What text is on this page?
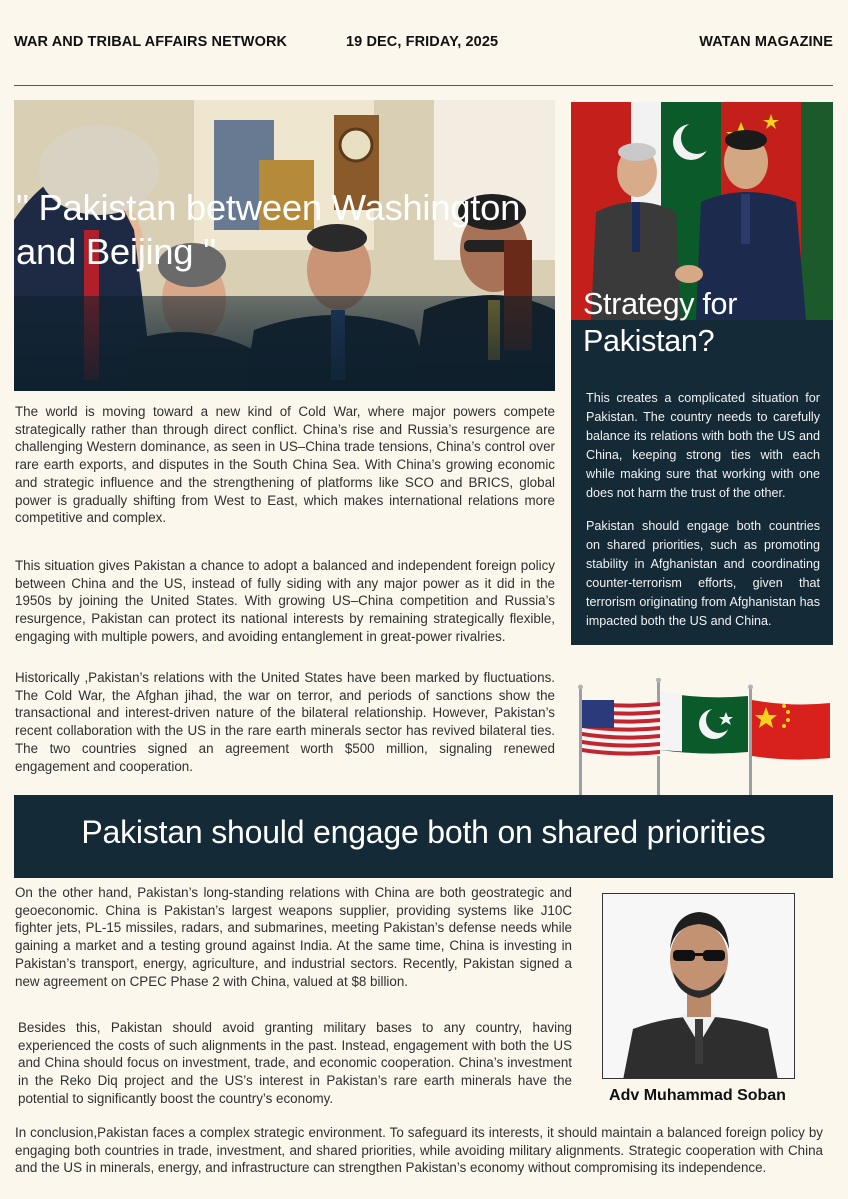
WAR AND TRIBAL AFFAIRS NETWORK	19 DEC, FRIDAY, 2025	WATAN MAGAZINE
" Pakistan between Washington and Beijing "
Strategy for Pakistan?
This creates a complicated situation for Pakistan. The country needs to carefully balance its relations with both the US and China, keeping strong ties with each while making sure that working with one does not harm the trust of the other.
Pakistan should engage both countries on shared priorities, such as promoting stability in Afghanistan and coordinating counter-terrorism efforts, given that terrorism originating from Afghanistan has impacted both the US and China.
The world is moving toward a new kind of Cold War, where major powers compete strategically rather than through direct conflict. China’s rise and Russia’s resurgence are challenging Western dominance, as seen in US–China trade tensions, China’s control over rare earth exports, and disputes in the South China Sea. With China’s growing economic and strategic influence and the strengthening of platforms like SCO and BRICS, global power is gradually shifting from West to East, which makes international relations more competitive and complex.
This situation gives Pakistan a chance to adopt a balanced and independent foreign policy between China and the US, instead of fully siding with any major power as it did in the 1950s by joining the United States. With growing US–China competition and Russia’s resurgence, Pakistan can protect its national interests by remaining strategically flexible, engaging with multiple powers, and avoiding entanglement in great-power rivalries.
Historically ,Pakistan’s relations with the United States have been marked by fluctuations. The Cold War, the Afghan jihad, the war on terror, and periods of sanctions show the transactional and interest-driven nature of the bilateral relationship. However, Pakistan’s recent collaboration with the US in the rare earth minerals sector has revived bilateral ties. The two countries signed an agreement worth $500 million, signaling renewed engagement and cooperation.
Pakistan should engage both on shared priorities
On the other hand, Pakistan’s long-standing relations with China are both geostrategic and geoeconomic. China is Pakistan’s largest weapons supplier, providing systems like J10C fighter jets, PL-15 missiles, radars, and submarines, meeting Pakistan’s defense needs while gaining a market and a testing ground against India. At the same time, China is investing in Pakistan’s transport, energy, agriculture, and industrial sectors. Recently, Pakistan signed a new agreement on CPEC Phase 2 with China, valued at $8 billion.
Besides this, Pakistan should avoid granting military bases to any country, having experienced the costs of such alignments in the past. Instead, engagement with both the US and China should focus on investment, trade, and economic cooperation. China’s investment in the Reko Diq project and the US’s interest in Pakistan’s rare earth minerals have the potential to significantly boost the country’s economy.
In conclusion,Pakistan faces a complex strategic environment. To safeguard its interests, it should maintain a balanced foreign policy by engaging both countries in trade, investment, and shared priorities, while avoiding military alignments. Strategic cooperation with China and the US in minerals, energy, and infrastructure can strengthen Pakistan’s economy without compromising its independence.
Adv Muhammad Soban
